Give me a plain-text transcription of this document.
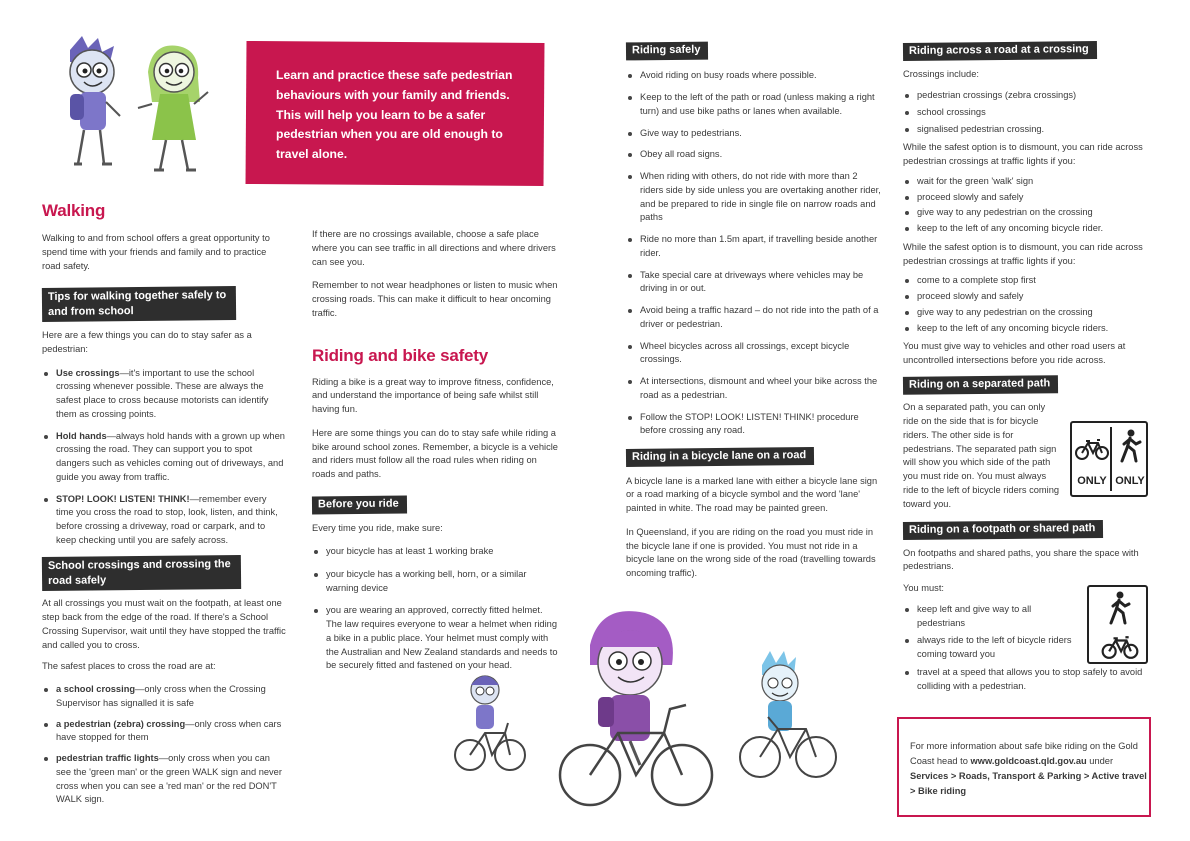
Learn and practice these safe pedestrian behaviours with your family and friends. This will help you learn to be a safer pedestrian when you are old enough to travel alone.
Walking

Walking to and from school offers a great opportunity to spend time with your friends and family and to practice road safety.

Tips for walking together safely to
and from school

Here are a few things you can do to stay safer as a pedestrian:

Use crossings—it's important to use the school crossing whenever possible. These are always the safest place to cross because motorists can identify them as crossing points.
Hold hands—always hold hands with a grown up when crossing the road. They can support you to spot dangers such as vehicles coming out of driveways, and guide you away from traffic.
STOP! LOOK! LISTEN! THINK!—remember every time you cross the road to stop, look, listen, and think, before crossing a driveway, road or carpark, and to keep checking until you are safely across.
School crossings and crossing the
road safely

At all crossings you must wait on the footpath, at least one step back from the edge of the road. If there's a School Crossing Supervisor, wait until they have stopped the traffic and called you to cross.

The safest places to cross the road are at:

a school crossing—only cross when the Crossing Supervisor has signalled it is safe
a pedestrian (zebra) crossing—only cross when cars have stopped for them
pedestrian traffic lights—only cross when you can see the 'green man' or the green WALK sign and never cross when you can see a 'red man' or the red DON'T WALK sign.

If there are no crossings available, choose a safe place where you can see traffic in all directions and where drivers can see you.

Remember to not wear headphones or listen to music when crossing roads. This can make it difficult to hear oncoming traffic.

Riding and bike safety

Riding a bike is a great way to improve fitness, confidence, and understand the importance of being safe whilst still having fun.

Here are some things you can do to stay safe while riding a bike around school zones. Remember, a bicycle is a vehicle and riders must follow all the road rules when riding on roads and paths.

Before you ride

Every time you ride, make sure:

your bicycle has at least 1 working brake
your bicycle has a working bell, horn, or a similar warning device
you are wearing an approved, correctly fitted helmet. The law requires everyone to wear a helmet when riding a bike in a public place. Your helmet must comply with the Australian and New Zealand standards and needs to be securely fitted and fastened on your head.
Riding safely
Avoid riding on busy roads where possible.
Keep to the left of the path or road (unless making a right turn) and use bike paths or lanes when available.
Give way to pedestrians.
Obey all road signs.
When riding with others, do not ride with more than 2 riders side by side unless you are overtaking another rider, and be prepared to ride in single file on narrow roads and paths
Ride no more than 1.5m apart, if travelling beside another rider.
Take special care at driveways where vehicles may be driving in or out.
Avoid being a traffic hazard – do not ride into the path of a driver or pedestrian.
Wheel bicycles across all crossings, except bicycle crossings.
At intersections, dismount and wheel your bike across the road as a pedestrian.
Follow the STOP! LOOK! LISTEN! THINK! procedure before crossing any road.
Riding in a bicycle lane on a road

A bicycle lane is a marked lane with either a bicycle lane sign or a road marking of a bicycle symbol and the word 'lane' painted in white. The road may be painted green.

In Queensland, if you are riding on the road you must ride in the bicycle lane if one is provided. You must not ride in a bicycle lane on the wrong side of the road (travelling towards oncoming traffic).

Riding across a road at a crossing

Crossings include:

pedestrian crossings (zebra crossings)
school crossings
signalised pedestrian crossing.

While the safest option is to dismount, you can ride across pedestrian crossings at traffic lights if you:

wait for the green 'walk' sign
proceed slowly and safely
give way to any pedestrian on the crossing
keep to the left of any oncoming bicycle rider.

While the safest option is to dismount, you can ride across pedestrian crossings at traffic lights if you:

come to a complete stop first
proceed slowly and safely
give way to any pedestrian on the crossing
keep to the left of any oncoming bicycle riders.

You must give way to vehicles and other road users at uncontrolled intersections before you ride across.

Riding on a separated path

On a separated path, you can only ride on the side that is for bicycle riders. The other side is for pedestrians. The separated path sign will show you which side of the path you must ride on. You must always ride to the left of bicycle riders coming toward you.

Riding on a footpath or shared path

On footpaths and shared paths, you share the space with pedestrians.

You must:

keep left and give way to all pedestrians
always ride to the left of bicycle riders coming toward you
travel at a speed that allows you to stop safely to avoid colliding with a pedestrian.
ONLY ONLY
For more information about safe bike riding on the Gold Coast head to www.goldcoast.qld.gov.au under Services > Roads, Transport & Parking > Active travel > Bike riding
